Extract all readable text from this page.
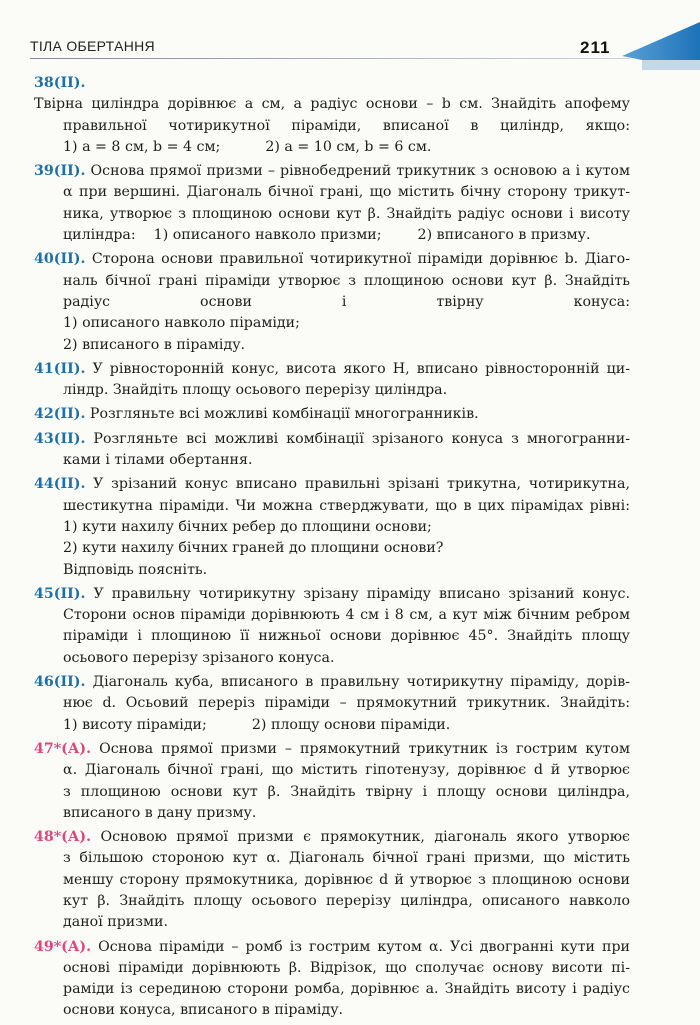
ТІЛА ОБЕРТАННЯ	211
38(ІІ). Твірна циліндра дорівнює a см, а радіус основи – b см. Знайдіть апофему
правильної чотирикутної піраміди, вписаної в циліндр, якщо:
1) a = 8 см, b = 4 см;          2) a = 10 см, b = 6 см.
39(ІІ). Основа прямої призми – рівнобедрений трикутник з основою a і кутом
α при вершині. Діагональ бічної грані, що містить бічну сторону трикут-
ника, утворює з площиною основи кут β. Знайдіть радіус основи і висоту
циліндра:    1) описаного навколо призми;        2) вписаного в призму.
40(ІІ). Сторона основи правильної чотирикутної піраміди дорівнює b. Діаго-
наль бічної грані піраміди утворює з площиною основи кут β. Знайдіть
радіус основи і твірну конуса:
1) описаного навколо піраміди;
2) вписаного в піраміду.
41(ІІ). У рівносторонній конус, висота якого H, вписано рівносторонній ци-
ліндр. Знайдіть площу осьового перерізу циліндра.
42(ІІ). Розгляньте всі можливі комбінації многогранників.
43(ІІ). Розгляньте всі можливі комбінації зрізаного конуса з многогранни-
ками і тілами обертання.
44(ІІ). У зрізаний конус вписано правильні зрізані трикутна, чотирикутна,
шестикутна піраміди. Чи можна стверджувати, що в цих пірамідах рівні:
1) кути нахилу бічних ребер до площини основи;
2) кути нахилу бічних граней до площини основи?
Відповідь поясніть.
45(ІІ). У правильну чотирикутну зрізану піраміду вписано зрізаний конус.
Сторони основ піраміди дорівнюють 4 см і 8 см, а кут між бічним ребром
піраміди і площиною її нижньої основи дорівнює 45°. Знайдіть площу
осьового перерізу зрізаного конуса.
46(ІІ). Діагональ куба, вписаного в правильну чотирикутну піраміду, дорів-
нює d. Осьовий переріз піраміди – прямокутний трикутник. Знайдіть:
1) висоту піраміди;          2) площу основи піраміди.
47*(А). Основа прямої призми – прямокутний трикутник із гострим кутом
α. Діагональ бічної грані, що містить гіпотенузу, дорівнює d й утворює
з площиною основи кут β. Знайдіть твірну і площу основи циліндра,
вписаного в дану призму.
48*(А). Основою прямої призми є прямокутник, діагональ якого утворює
з більшою стороною кут α. Діагональ бічної грані призми, що містить
меншу сторону прямокутника, дорівнює d й утворює з площиною основи
кут β. Знайдіть площу осьового перерізу циліндра, описаного навколо
даної призми.
49*(А). Основа піраміди – ромб із гострим кутом α. Усі двогранні кути при
основі піраміди дорівнюють β. Відрізок, що сполучає основу висоти пі-
раміди із серединою сторони ромба, дорівнює a. Знайдіть висоту і радіус
основи конуса, вписаного в піраміду.
